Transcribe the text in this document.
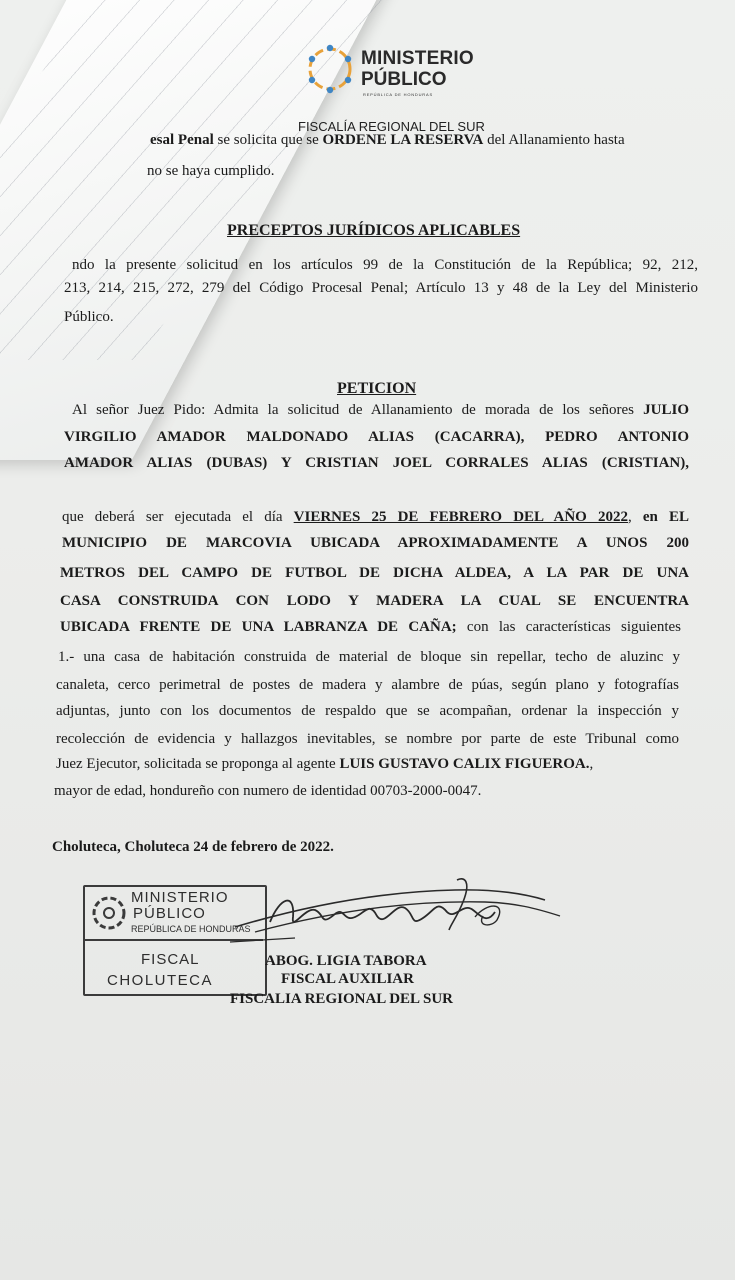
MINISTERIO
PÚBLICO
REPÚBLICA DE HONDURAS
FISCALÍA REGIONAL DEL SUR
esal Penal se solicita que se ORDENE LA RESERVA del Allanamiento hasta
no se haya cumplido.
PRECEPTOS JURÍDICOS APLICABLES
ndo la presente solicitud en los artículos 99 de la Constitución de la República; 92, 212,
213, 214, 215, 272, 279 del Código Procesal Penal; Artículo 13 y 48 de la Ley del Ministerio
Público.
PETICION
Al señor Juez Pido: Admita la solicitud de Allanamiento de morada de los señores JULIO
VIRGILIO AMADOR MALDONADO ALIAS (CACARRA), PEDRO ANTONIO
AMADOR ALIAS (DUBAS) Y CRISTIAN JOEL CORRALES ALIAS (CRISTIAN),
que deberá ser ejecutada el día VIERNES 25 DE FEBRERO DEL AÑO 2022, en EL
MUNICIPIO DE MARCOVIA UBICADA APROXIMADAMENTE A UNOS 200
METROS DEL CAMPO DE FUTBOL DE DICHA ALDEA, A LA PAR DE UNA
CASA CONSTRUIDA CON LODO Y MADERA LA CUAL SE ENCUENTRA
UBICADA FRENTE DE UNA LABRANZA DE CAÑA; con las características siguientes
1.- una casa de habitación construida de material de bloque sin repellar, techo de aluzinc y
canaleta, cerco perimetral de postes de madera y alambre de púas, según plano y fotografías
adjuntas, junto con los documentos de respaldo que se acompañan, ordenar la inspección y
recolección de evidencia y hallazgos inevitables, se nombre por parte de este Tribunal como
Juez Ejecutor, solicitada se proponga al agente LUIS GUSTAVO CALIX FIGUEROA.,
mayor de edad, hondureño con numero de identidad 00703-2000-0047.
Choluteca, Choluteca 24 de febrero de 2022.
MINISTERIO
PÚBLICO
REPÚBLICA DE HONDURAS
FISCAL
CHOLUTECA
ABOG. LIGIA TABORA
FISCAL AUXILIAR
FISCALIA REGIONAL DEL SUR
